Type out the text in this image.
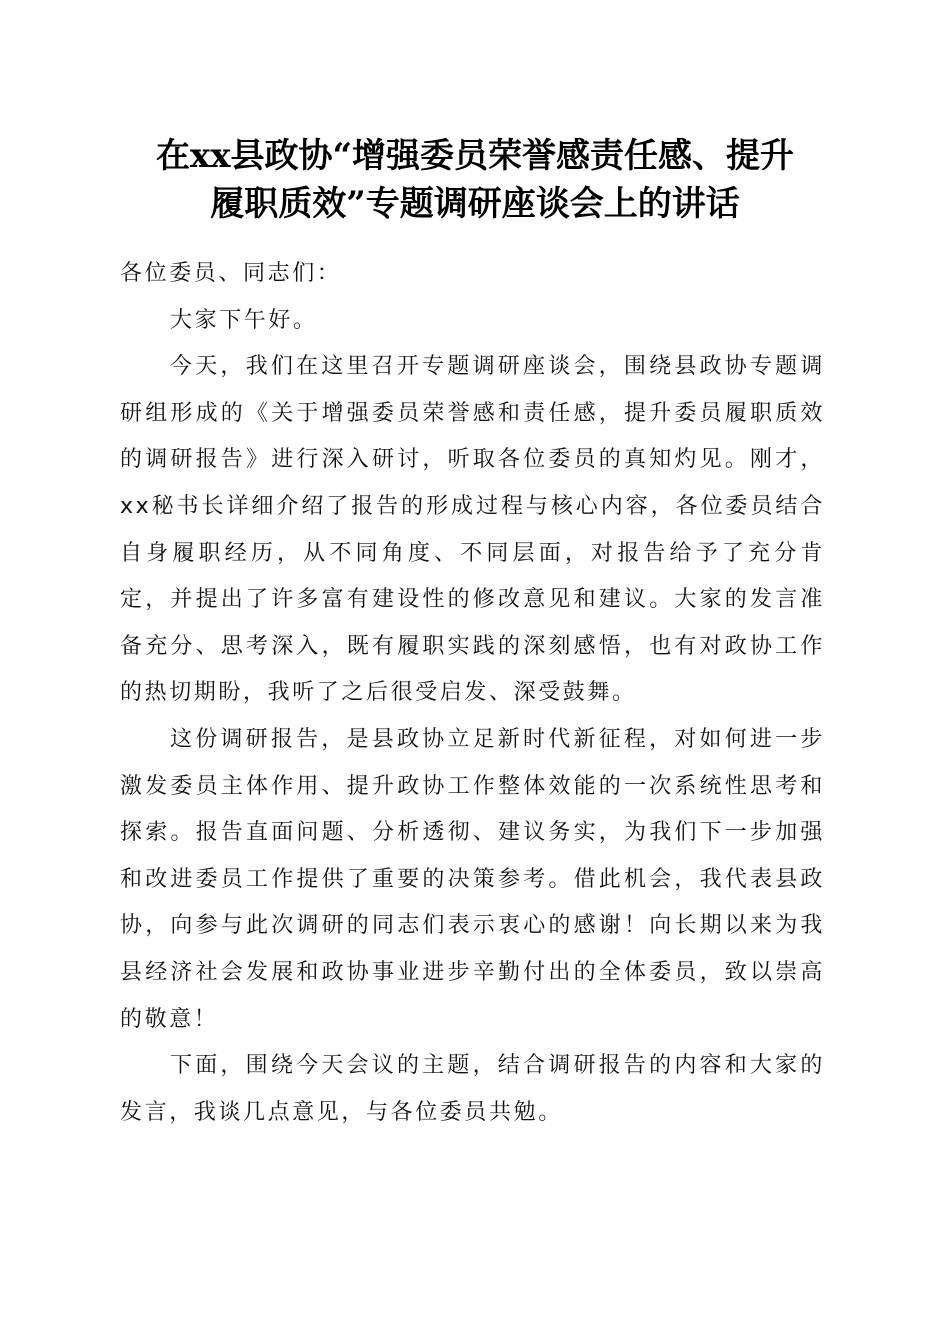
在xx县政协“增强委员荣誉感责任感、提升
履职质效”专题调研座谈会上的讲话

各位委员、同志们：

大家下午好。

今天，我们在这里召开专题调研座谈会，围绕县政协专题调研组形成的《关于增强委员荣誉感和责任感，提升委员履职质效的调研报告》进行深入研讨，听取各位委员的真知灼见。刚才，xx秘书长详细介绍了报告的形成过程与核心内容，各位委员结合自身履职经历，从不同角度、不同层面，对报告给予了充分肯定，并提出了许多富有建设性的修改意见和建议。大家的发言准备充分、思考深入，既有履职实践的深刻感悟，也有对政协工作的热切期盼，我听了之后很受启发、深受鼓舞。

这份调研报告，是县政协立足新时代新征程，对如何进一步激发委员主体作用、提升政协工作整体效能的一次系统性思考和探索。报告直面问题、分析透彻、建议务实，为我们下一步加强和改进委员工作提供了重要的决策参考。借此机会，我代表县政协，向参与此次调研的同志们表示衷心的感谢！向长期以来为我县经济社会发展和政协事业进步辛勤付出的全体委员，致以崇高的敬意！

下面，围绕今天会议的主题，结合调研报告的内容和大家的发言，我谈几点意见，与各位委员共勉。
